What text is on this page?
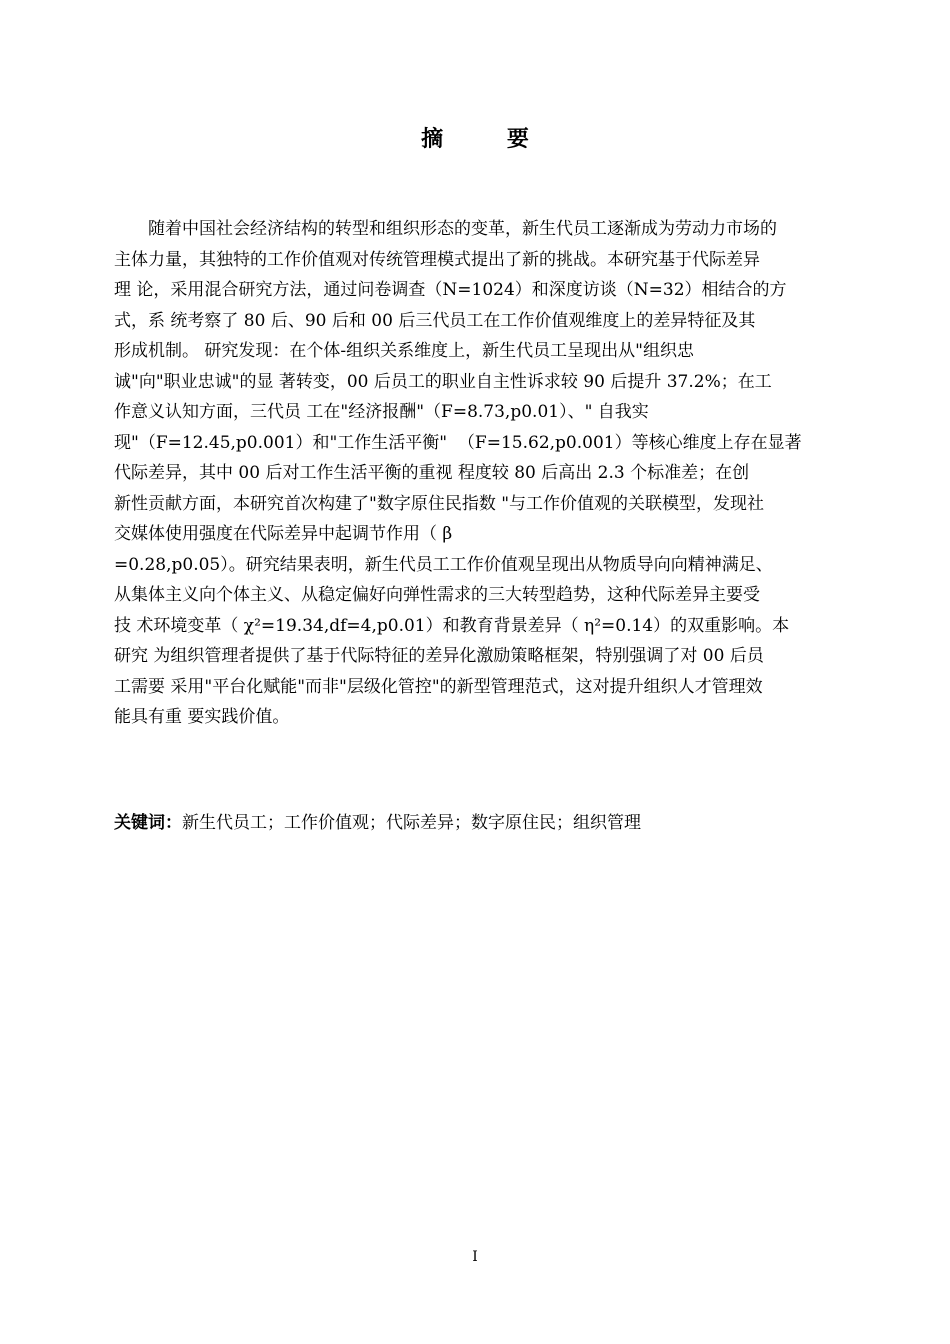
摘 要
随着中国社会经济结构的转型和组织形态的变革，新生代员工逐渐成为劳动力市场的
主体力量，其独特的工作价值观对传统管理模式提出了新的挑战。本研究基于代际差异
理 论，采用混合研究方法，通过问卷调查（N=1024）和深度访谈（N=32）相结合的方
式，系 统考察了 80 后、90 后和 00 后三代员工在工作价值观维度上的差异特征及其
形成机制。 研究发现：在个体-组织关系维度上，新生代员工呈现出从"组织忠
诚"向"职业忠诚"的显 著转变，00 后员工的职业自主性诉求较 90 后提升 37.2%；在工
作意义认知方面，三代员 工在"经济报酬"（F=8.73,p0.01）、" 自我实
现"（F=12.45,p0.001）和"工作生活平衡"  （F=15.62,p0.001）等核心维度上存在显著
代际差异，其中 00 后对工作生活平衡的重视 程度较 80 后高出 2.3 个标准差；在创
新性贡献方面，本研究首次构建了"数字原住民指数 "与工作价值观的关联模型，发现社
交媒体使用强度在代际差异中起调节作用（ β
=0.28,p0.05）。研究结果表明，新生代员工工作价值观呈现出从物质导向向精神满足、
从集体主义向个体主义、从稳定偏好向弹性需求的三大转型趋势，这种代际差异主要受
技 术环境变革（ χ²=19.34,df=4,p0.01）和教育背景差异（ η²=0.14）的双重影响。本
研究 为组织管理者提供了基于代际特征的差异化激励策略框架，特别强调了对 00 后员
工需要 采用"平台化赋能"而非"层级化管控"的新型管理范式，这对提升组织人才管理效
能具有重 要实践价值。
关键词：新生代员工；工作价值观；代际差异；数字原住民；组织管理
I
